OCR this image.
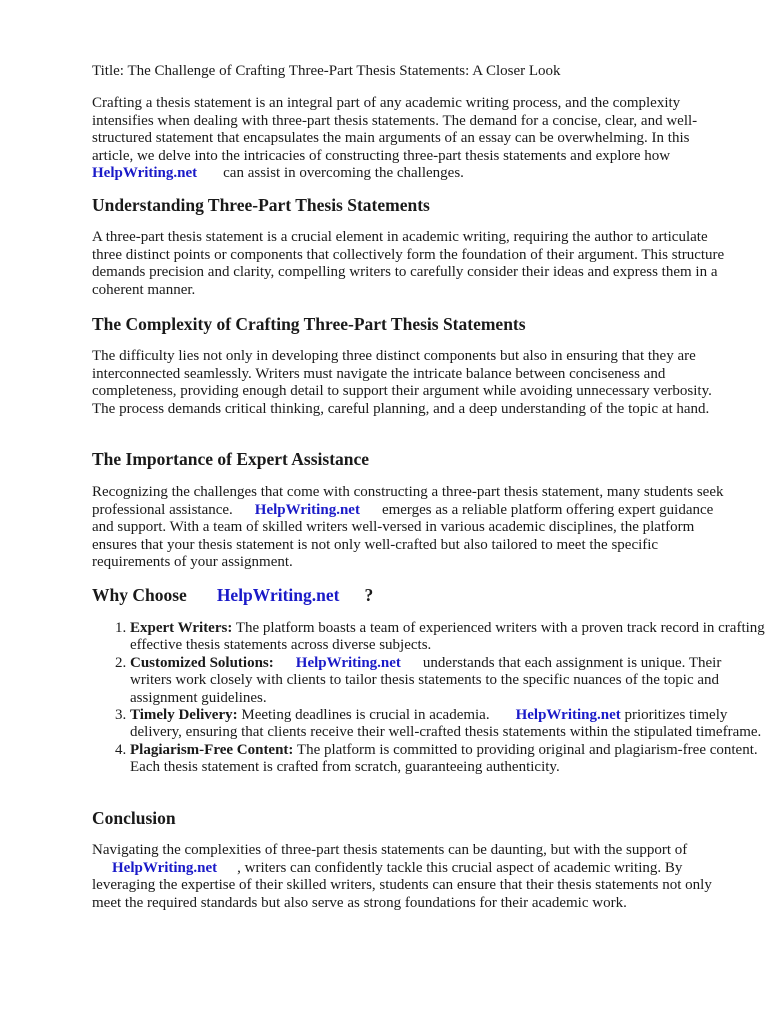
Title: The Challenge of Crafting Three-Part Thesis Statements: A Closer Look

Crafting a thesis statement is an integral part of any academic writing process, and the complexity intensifies when dealing with three-part thesis statements. The demand for a concise, clear, and well-structured statement that encapsulates the main arguments of an essay can be overwhelming. In this article, we delve into the intricacies of constructing three-part thesis statements and explore how
HelpWriting.net can assist in overcoming the challenges.

Understanding Three-Part Thesis Statements

A three-part thesis statement is a crucial element in academic writing, requiring the author to articulate three distinct points or components that collectively form the foundation of their argument. This structure demands precision and clarity, compelling writers to carefully consider their ideas and express them in a coherent manner.

The Complexity of Crafting Three-Part Thesis Statements

The difficulty lies not only in developing three distinct components but also in ensuring that they are interconnected seamlessly. Writers must navigate the intricate balance between conciseness and completeness, providing enough detail to support their argument while avoiding unnecessary verbosity. The process demands critical thinking, careful planning, and a deep understanding of the topic at hand.

The Importance of Expert Assistance

Recognizing the challenges that come with constructing a three-part thesis statement, many students seek professional assistance. HelpWriting.net emerges as a reliable platform offering expert guidance and support. With a team of skilled writers well-versed in various academic disciplines, the platform ensures that your thesis statement is not only well-crafted but also tailored to meet the specific requirements of your assignment.

Why Choose HelpWriting.net ?
1. Expert Writers: The platform boasts a team of experienced writers with a proven track record in crafting effective thesis statements across diverse subjects.
2. Customized Solutions: HelpWriting.net understands that each assignment is unique. Their writers work closely with clients to tailor thesis statements to the specific nuances of the topic and assignment guidelines.
3. Timely Delivery: Meeting deadlines is crucial in academia. HelpWriting.net prioritizes timely delivery, ensuring that clients receive their well-crafted thesis statements within the stipulated timeframe.
4. Plagiarism-Free Content: The platform is committed to providing original and plagiarism-free content. Each thesis statement is crafted from scratch, guaranteeing authenticity.
Conclusion

Navigating the complexities of three-part thesis statements can be daunting, but with the support of
HelpWriting.net , writers can confidently tackle this crucial aspect of academic writing. By leveraging the expertise of their skilled writers, students can ensure that their thesis statements not only meet the required standards but also serve as strong foundations for their academic work.
